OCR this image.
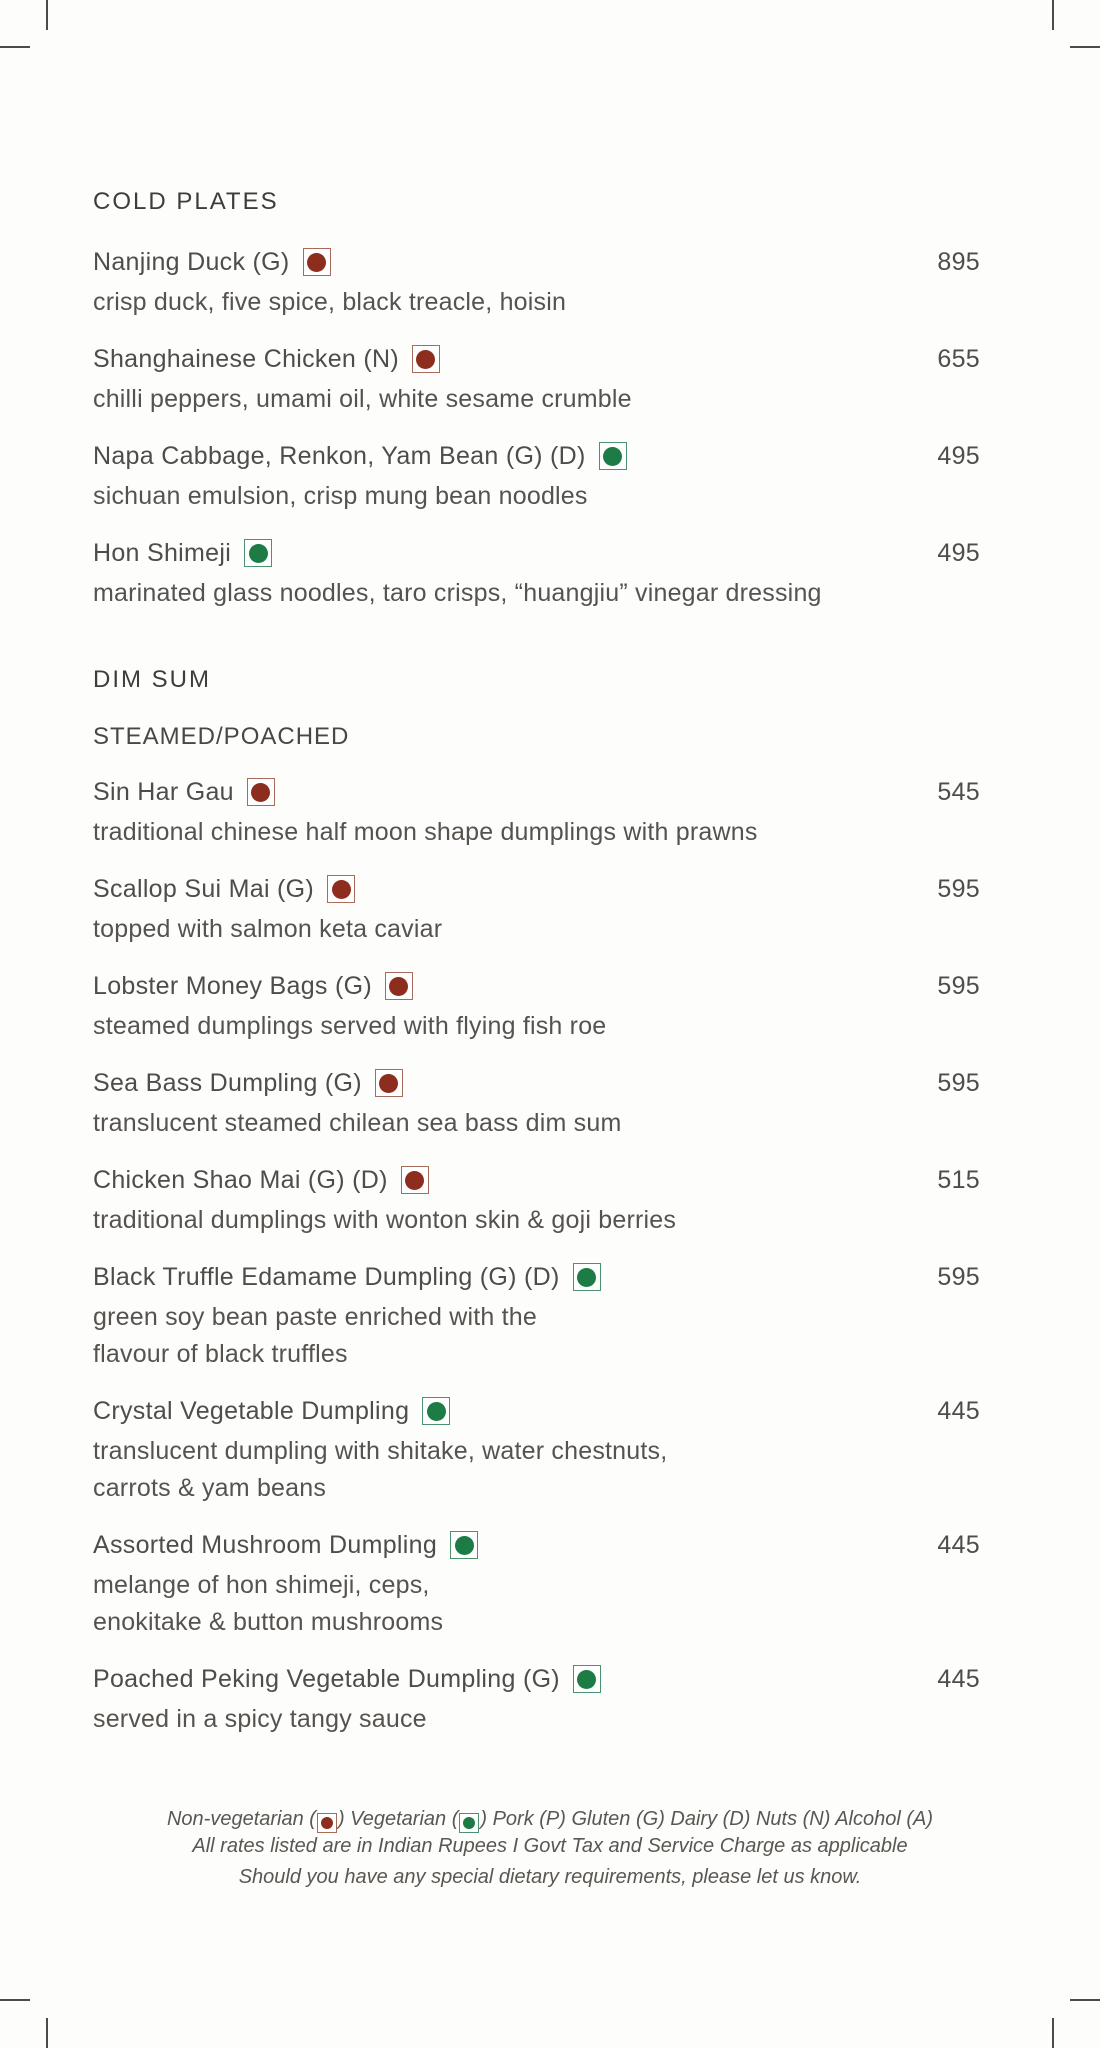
COLD PLATES
Nanjing Duck (G)	895
crisp duck, five spice, black treacle, hoisin
Shanghainese Chicken (N)	655
chilli peppers, umami oil, white sesame crumble
Napa Cabbage, Renkon, Yam Bean (G) (D)	495
sichuan emulsion, crisp mung bean noodles
Hon Shimeji	495
marinated glass noodles, taro crisps, “huangjiu” vinegar dressing
DIM SUM
STEAMED/POACHED
Sin Har Gau	545
traditional chinese half moon shape dumplings with prawns
Scallop Sui Mai (G)	595
topped with salmon keta caviar
Lobster Money Bags (G)	595
steamed dumplings served with flying fish roe
Sea Bass Dumpling (G)	595
translucent steamed chilean sea bass dim sum
Chicken Shao Mai (G) (D)	515
traditional dumplings with wonton skin & goji berries
Black Truffle Edamame Dumpling (G) (D)	595
green soy bean paste enriched with the
flavour of black truffles
Crystal Vegetable Dumpling	445
translucent dumpling with shitake, water chestnuts,
carrots & yam beans
Assorted Mushroom Dumpling	445
melange of hon shimeji, ceps,
enokitake & button mushrooms
Poached Peking Vegetable Dumpling (G)	445
served in a spicy tangy sauce
Non-vegetarian ( ) Vegetarian ( ) Pork (P) Gluten (G) Dairy (D) Nuts (N) Alcohol (A)
All rates listed are in Indian Rupees I Govt Tax and Service Charge as applicable
Should you have any special dietary requirements, please let us know.
